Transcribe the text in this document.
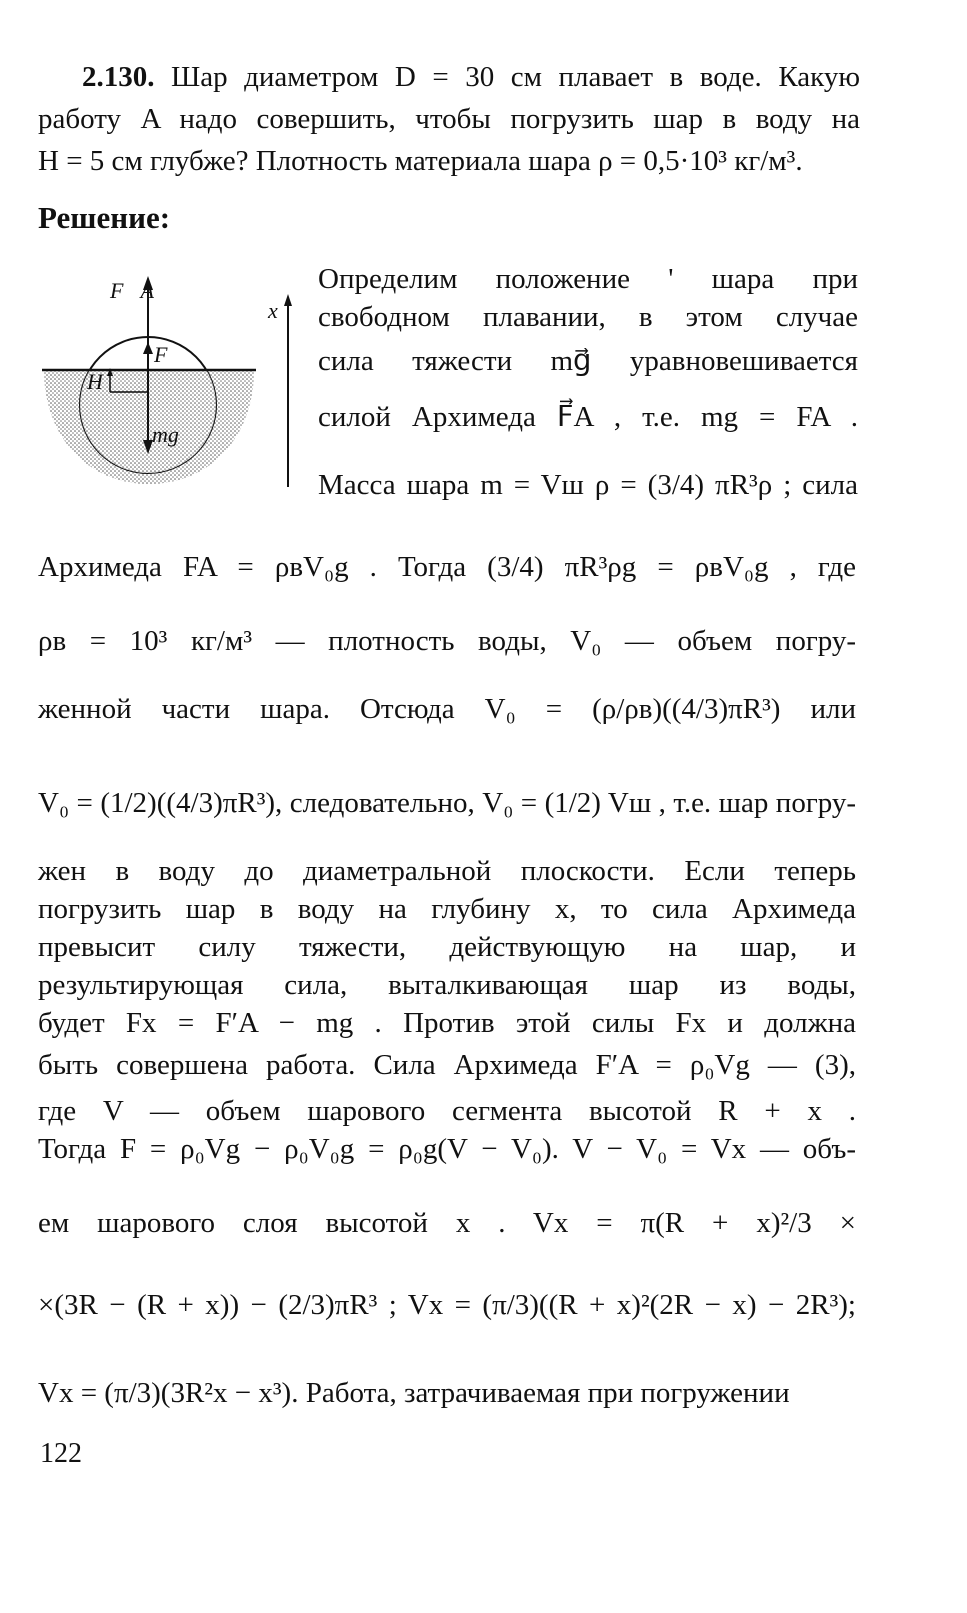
2.130. Шар диаметром D = 30 см плавает в воде. Какую
работу A надо совершить, чтобы погрузить шар в воду на
H = 5 см глубже? Плотность материала шара ρ = 0,5·10³ кг/м³.
Решение:
F⃗A
F⃗
H
mg⃗
x
Определим положение ' шара при
свободном плавании, в этом случае
сила тяжести mg⃗ уравновешивается
силой Архимеда F⃗A , т.е. mg = FA .
Масса шара m = Vш ρ = (3/4) πR³ρ ; сила
Архимеда FA = ρвV₀g . Тогда (3/4) πR³ρg = ρвV₀g , где
ρв = 10³ кг/м³ — плотность воды, V₀ — объем погру-
женной части шара. Отсюда V₀ = (ρ/ρв)((4/3)πR³) или
V₀ = (1/2)((4/3)πR³), следовательно, V₀ = (1/2) Vш , т.е. шар погру-
жен в воду до диаметральной плоскости. Если теперь
погрузить шар в воду на глубину х, то сила Архимеда
превысит силу тяжести, действующую на шар, и
результирующая сила, выталкивающая шар из воды,
будет Fx = F′A − mg . Против этой силы Fx и должна
быть совершена работа. Сила Архимеда F′A = ρ₀Vg — (3),
где V — объем шарового сегмента высотой R + x .
Тогда F = ρ₀Vg − ρ₀V₀g = ρ₀g(V − V₀). V − V₀ = Vx — объ-
ем шарового слоя высотой x . Vx = π(R + x)²/3 ×
×(3R − (R + x)) − (2/3)πR³ ; Vx = (π/3)((R + x)²(2R − x) − 2R³);
Vx = (π/3)(3R²x − x³). Работа, затрачиваемая при погружении
122
